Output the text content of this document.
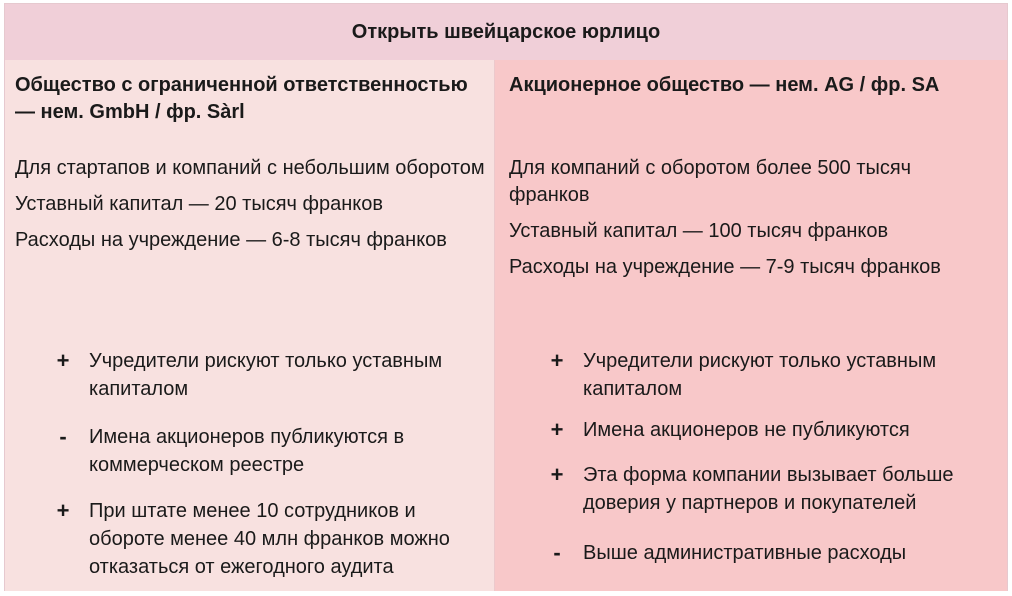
Открыть швейцарское юрлицо
Общество с ограниченной ответственностью — нем. GmbH / фр. Sàrl
Для стартапов и компаний с небольшим оборотом
Уставный капитал — 20 тысяч франков
Расходы на учреждение — 6-8 тысяч франков
+ Учредители рискуют только уставным капиталом
-	Имена акционеров публикуются в коммерческом реестре
+ При штате менее 10 сотрудников и обороте менее 40 млн франков можно отказаться от ежегодного аудита
Акционерное общество — нем. AG / фр. SA
Для компаний с оборотом более 500 тысяч франков
Уставный капитал — 100 тысяч франков
Расходы на учреждение — 7-9 тысяч франков
+ Учредители рискуют только уставным капиталом
+ Имена акционеров не публикуются
+ Эта форма компании вызывает больше доверия у партнеров и покупателей
-	Выше административные расходы
